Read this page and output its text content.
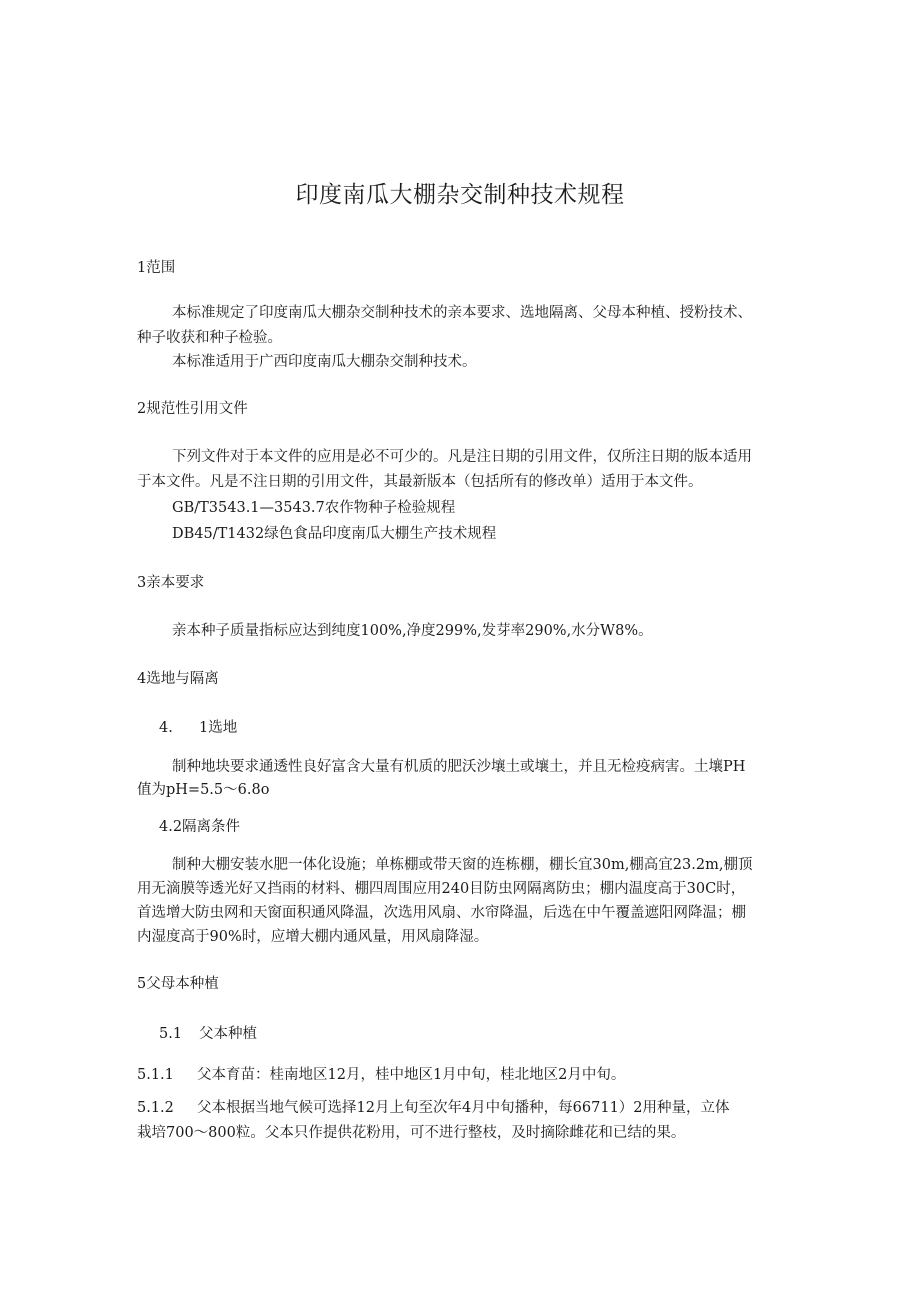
印度南瓜大棚杂交制种技术规程
1范围
本标准规定了印度南瓜大棚杂交制种技术的亲本要求、选地隔离、父母本种植、授粉技术、
种子收获和种子检验。
本标准适用于广西印度南瓜大棚杂交制种技术。
2规范性引用文件
下列文件对于本文件的应用是必不可少的。凡是注日期的引用文件，仅所注日期的版本适用
于本文件。凡是不注日期的引用文件，其最新版本（包括所有的修改单）适用于本文件。
GB/T3543.1—3543.7农作物种子检验规程
DB45/T1432绿色食品印度南瓜大棚生产技术规程
3亲本要求
亲本种子质量指标应达到纯度100%,净度299%,发芽率290%,水分W8%。
4选地与隔离
4. 1选地
制种地块要求通透性良好富含大量有机质的肥沃沙壤土或壤土，并且无检疫病害。土壤PH
值为pH=5.5～6.8o
4.2隔离条件
制种大棚安装水肥一体化设施；单栋棚或带天窗的连栋棚，棚长宜30m,棚高宜23.2m,棚顶
用无滴膜等透光好又挡雨的材料、棚四周围应用240目防虫网隔离防虫；棚内温度高于30C时，
首选增大防虫网和天窗面积通风降温，次选用风扇、水帘降温，后选在中午覆盖遮阳网降温；棚
内湿度高于90%时，应增大棚内通风量，用风扇降湿。
5父母本种植
5.1 父本种植
5.1.1 父本育苗：桂南地区12月，桂中地区1月中旬，桂北地区2月中旬。
5.1.2 父本根据当地气候可选择12月上旬至次年4月中旬播种，每66711）2用种量，立体
栽培700～800粒。父本只作提供花粉用，可不进行整枝，及时摘除雌花和已结的果。
